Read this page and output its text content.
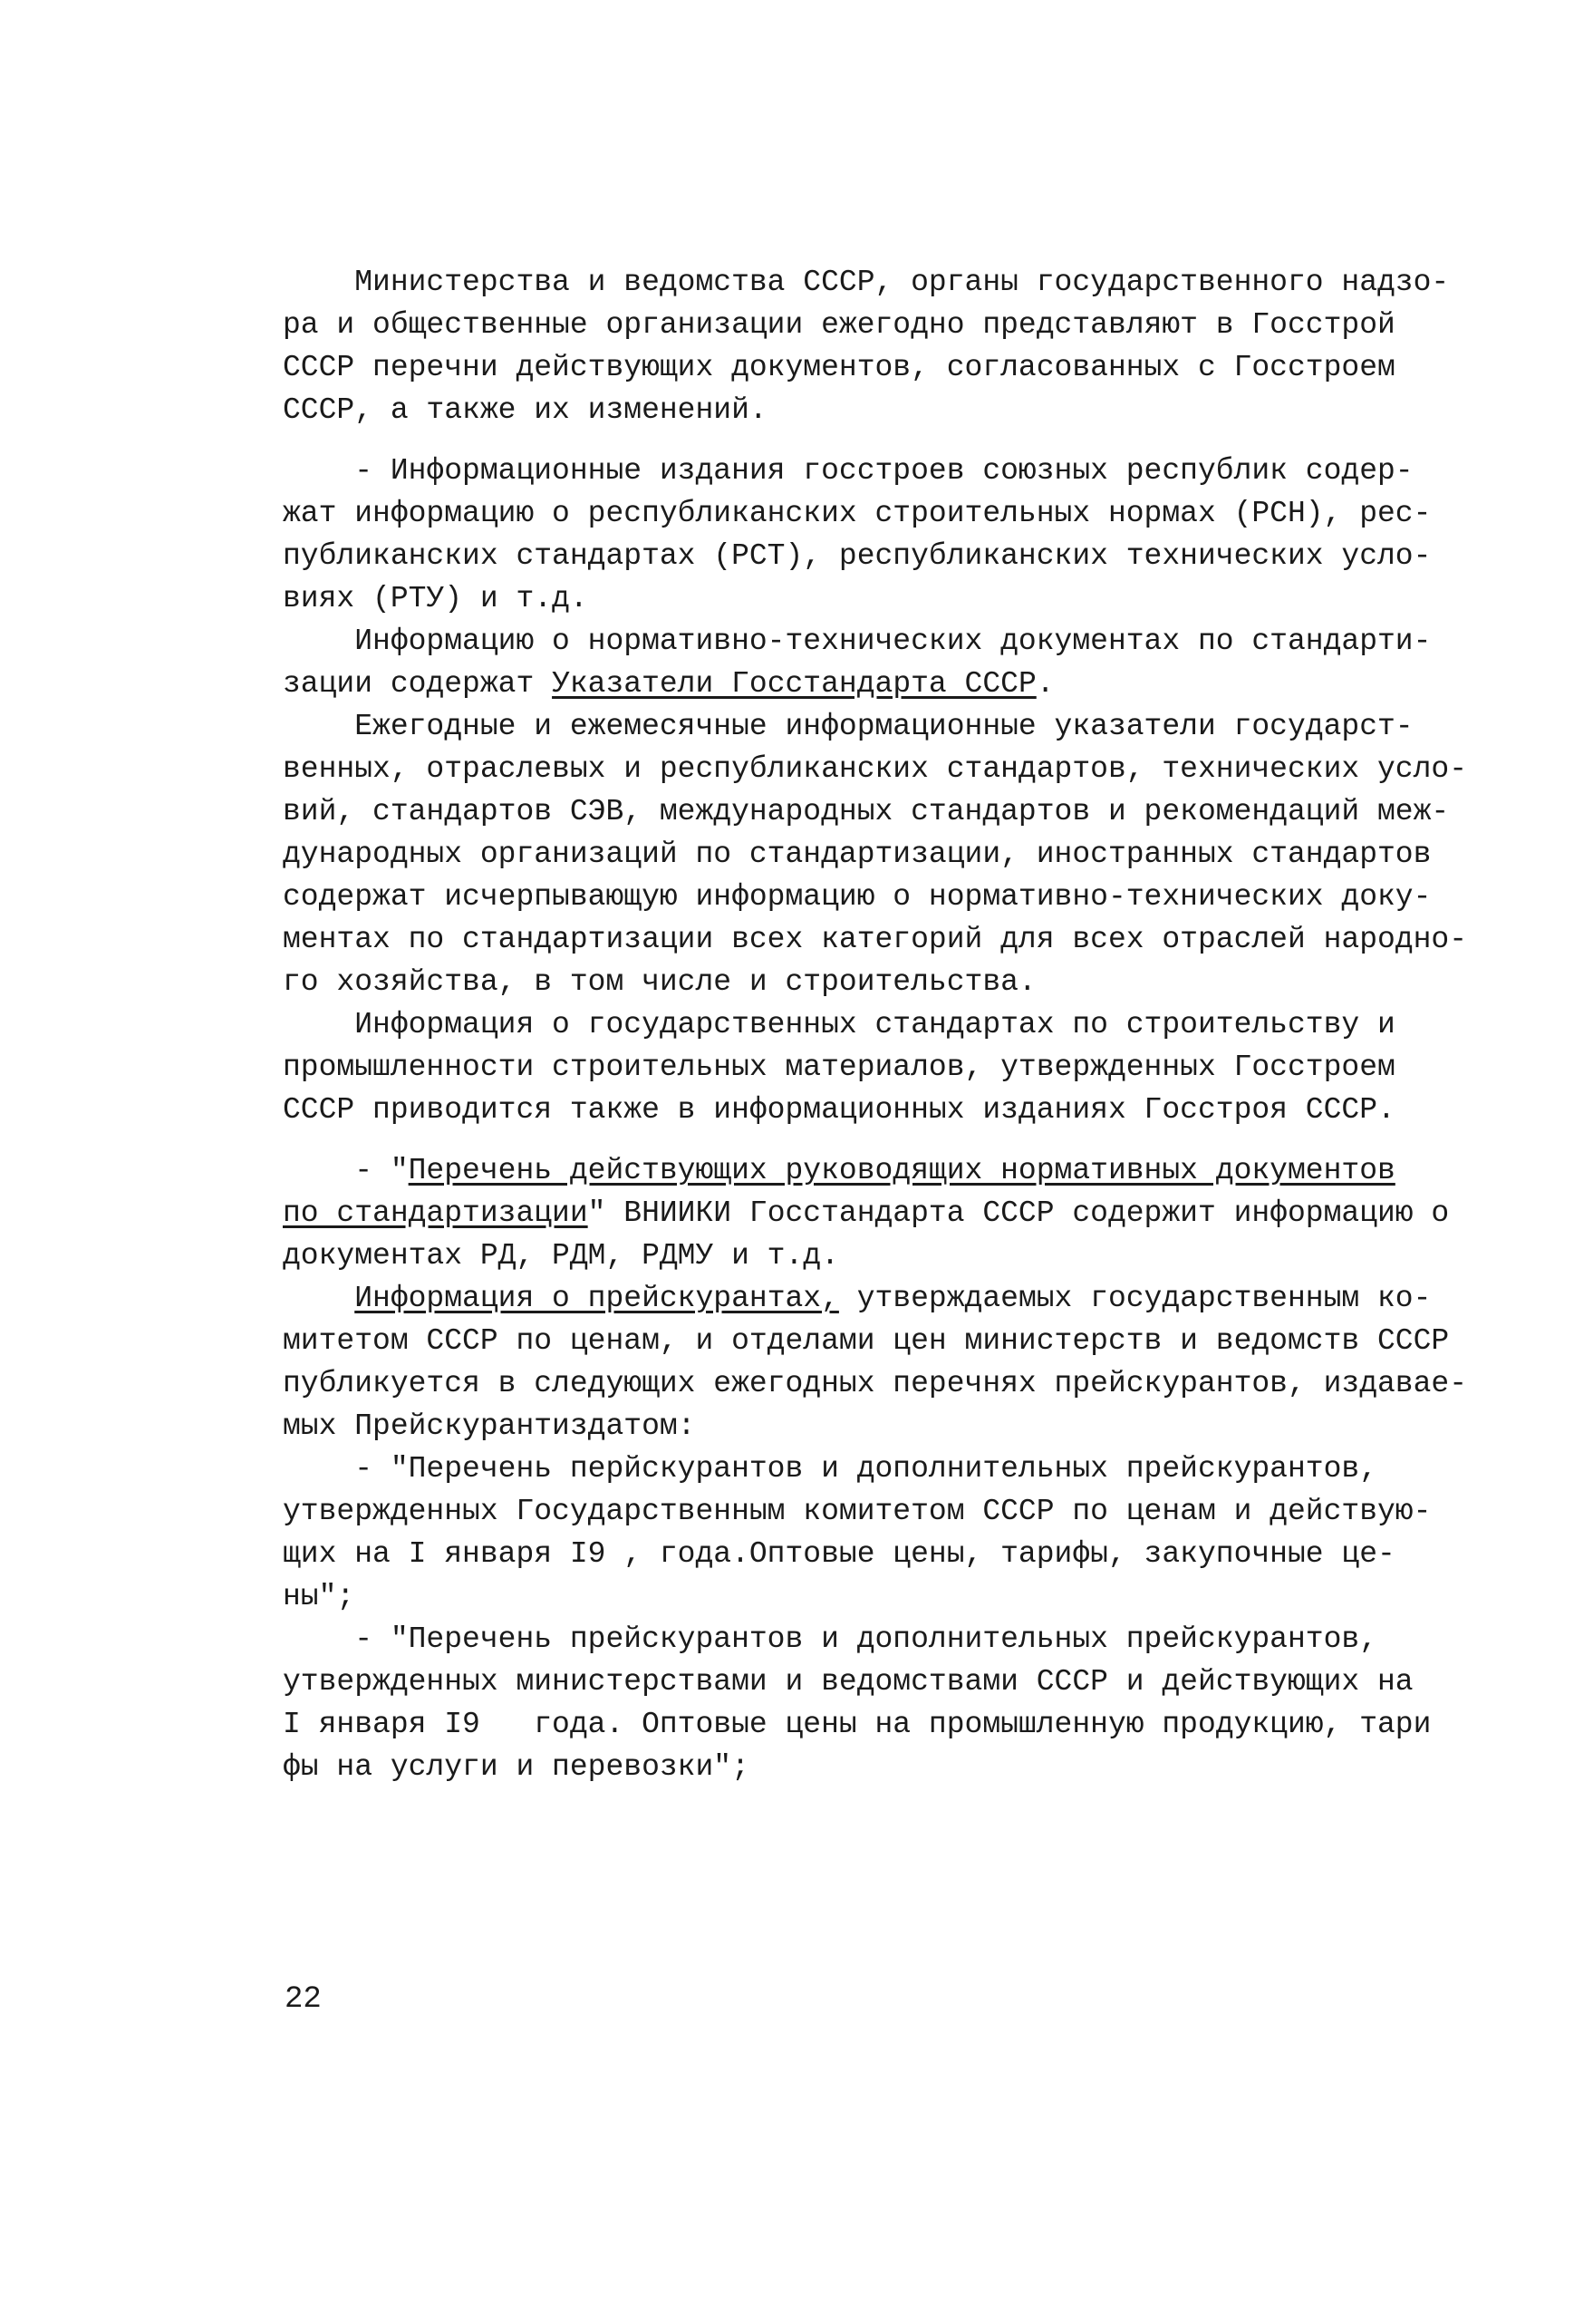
Министерства и ведомства СССР, органы государственного надзо-
ра и общественные организации ежегодно представляют в Госстрой
СССР перечни действующих документов, согласованных с Госстроем
СССР, а также их изменений.
- Информационные издания госстроев союзных республик содер-
жат информацию о республиканских строительных нормах (РСН), рес-
публиканских стандартах (РСТ), республиканских технических усло-
виях (РТУ) и т.д.
Информацию о нормативно-технических документах по стандарти-
зации содержат Указатели Госстандарта СССР.
Ежегодные и ежемесячные информационные указатели государст-
венных, отраслевых и республиканских стандартов, технических усло-
вий, стандартов СЭВ, международных стандартов и рекомендаций меж-
дународных организаций по стандартизации, иностранных стандартов
содержат исчерпывающую информацию о нормативно-технических доку-
ментах по стандартизации всех категорий для всех отраслей народно-
го хозяйства, в том числе и строительства.
Информация о государственных стандартах по строительству и
промышленности строительных материалов, утвержденных Госстроем
СССР приводится также в информационных изданиях Госстроя СССР.
- "Перечень действующих руководящих нормативных документов
по стандартизации" ВНИИКИ Госстандарта СССР содержит информацию о
документах РД, РДМ, РДМУ и т.д.
Информация о прейскурантах, утверждаемых государственным ко-
митетом СССР по ценам, и отделами цен министерств и ведомств СССР
публикуется в следующих ежегодных перечнях прейскурантов, издавае-
мых Прейскурантиздатом:
- "Перечень перйскурантов и дополнительных прейскурантов,
утвержденных Государственным комитетом СССР по ценам и действую-
щих на I января I9 , года.Оптовые цены, тарифы, закупочные це-
ны";
- "Перечень прейскурантов и дополнительных прейскурантов,
утвержденных министерствами и ведомствами СССР и действующих на
I января I9   года. Оптовые цены на промышленную продукцию, тари
фы на услуги и перевозки";
22
